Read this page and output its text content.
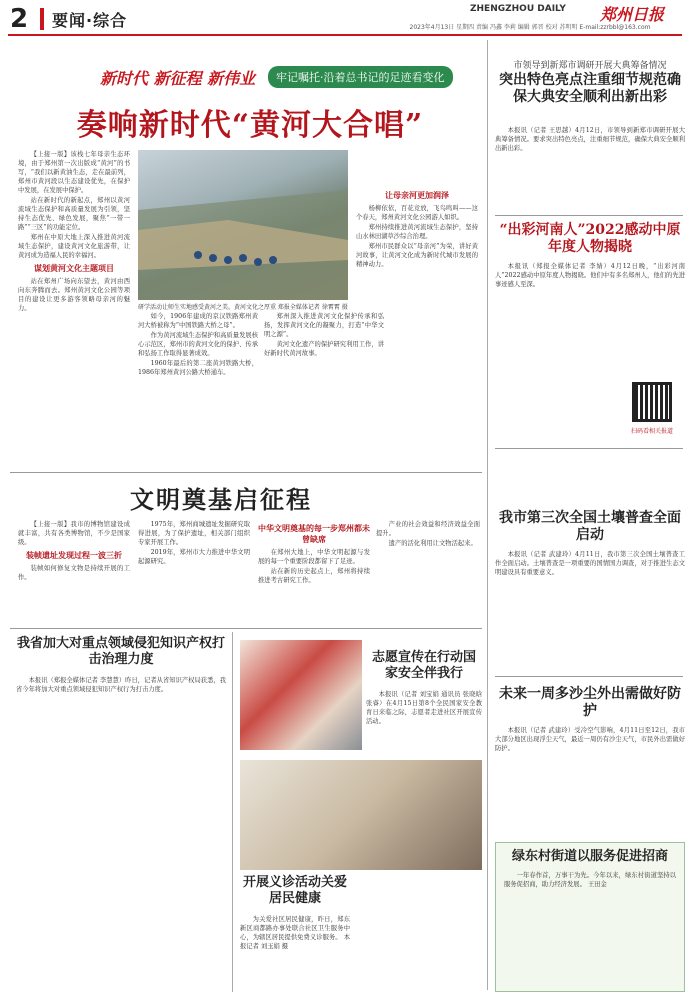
2 要闻·综合
ZHENGZHOU DAILY 郑州日报
2023年4月13日 星期四 责编 冯鑫 李莉 编辑 郭晋 校对 苏明明 E-mail:zzrbbl@163.com
新时代 新征程 新伟业	牢记嘱托·沿着总书记的足迹看变化
奏响新时代“黄河大合唱”

【上接一版】该栈七年母亲生态环境，由于郑州第一次出版成“黄河”的书写，“我们以新黄油生态，走在最前列，郑州市黄河段以生态建设优先，在保护中发展，在发展中保护。

站在新时代的新起点，郑州以黄河流域生态保护和高质量发展为引领，坚持生态优先、绿色发展，聚焦“一带一路”“三区”的功能定位。

郑州在中原大地上深入推进黄河流域生态保护，建设黄河文化旅游带，让黄河成为造福人民的幸福河。

谋划黄河文化主题项目

站在郑州广场向东望去，黄河由西向东奔腾而去。郑州黄河文化公园等项目的建设让更多游客领略母亲河的魅力。	研学活动让师生实地感受黄河之美。黄河文化之厚重 郑报全媒体记者 徐霄霄 摄

如今，1906年建成的京汉铁路郑州黄河大桥被称为“中国铁路大桥之母”。

作为黄河流域生态保护和高质量发展核心示范区，郑州市的黄河文化的保护、传承和弘扬工作取得显著成效。

1960年最后的第二座黄河铁路大桥，1986年郑州黄河公路大桥通车。

郑州深入推进黄河文化保护传承和弘扬，发挥黄河文化的凝聚力，打造“中华文明之源”。

黄河文化遗产的保护研究利用工作，讲好新时代黄河故事。

让母亲河更加润泽

杨柳依依，百花竞放，飞鸟鸣叫——这个春天，郑州黄河文化公园游人如织。

郑州持续推进黄河流域生态保护，坚持山水林田湖草沙综合治理。

郑州市民群众以“母亲河”为荣，讲好黄河故事，让黄河文化成为新时代城市发展的精神动力。

文明奠基启征程

【上接一版】我市的博物馆建设成就丰富，共有各类博物馆，不少是国家级。

装帧遗址发现过程一波三折

装帧如何修复文物是持续开展的工作。

1975年，郑州商城遗址发掘研究取得进展，为了保护遗址，相关部门组织专家开展工作。

2019年，郑州市大力推进中华文明起源研究。

中华文明奠基的每一步郑州都未曾缺席

在郑州大地上，中华文明起源与发展的每一个重要阶段都留下了足迹。

站在新的历史起点上，郑州将持续推进考古研究工作。

产业的社会效益和经济效益全面提升。

遗产的活化利用让文物活起来。

我省加大对重点领域侵犯知识产权打击治理力度

本报讯（郑报全媒体记者 李慧慧）昨日，记者从省知识产权局获悉，我省今年将加大对重点领域侵犯知识产权行为打击力度。

志愿宣传在行动国家安全伴我行

本报讯（记者 刘宝娟 通讯员 张晓晗 张睿）在4月15日第8个全民国家安全教育日来临之际，志愿者走进社区开展宣传活动。

开展义诊活动关爱居民健康

为关爱社区居民健康，昨日，郑东新区商都路办事处联合社区卫生服务中心，为辖区居民提供免费义诊服务。 本报记者 刘玉娟 摄

市领导到新郑市调研开展大典筹备情况
突出特色亮点注重细节规范确保大典安全顺利出新出彩

本报讯（记者 王思越）4月12日，市领导到新郑市调研开展大典筹备情况。要求突出特色亮点，注重细节规范，确保大典安全顺利出新出彩。

“出彩河南人”2022感动中原年度人物揭晓

本报讯（郑报全媒体记者 李婧）4月12日晚，“出彩河南人”2022感动中原年度人物揭晓。他们中有多名郑州人，他们的先进事迹感人至深。

扫码看相关报道
我市第三次全国土壤普查全面启动

本报讯（记者 武建玲）4月11日，我市第三次全国土壤普查工作全面启动。土壤普查是一项重要的国情国力调查，对于推进生态文明建设具有重要意义。

未来一周多沙尘外出需做好防护

本报讯（记者 武建玲）受冷空气影响，4月11日至12日，我市大部分地区出现浮尘天气，最近一周仍有沙尘天气，市民外出需做好防护。

绿东村街道以服务促进招商

一年春作首，万事干为先。今年以来，绿东村街道坚持以服务促招商，助力经济发展。 王田金
